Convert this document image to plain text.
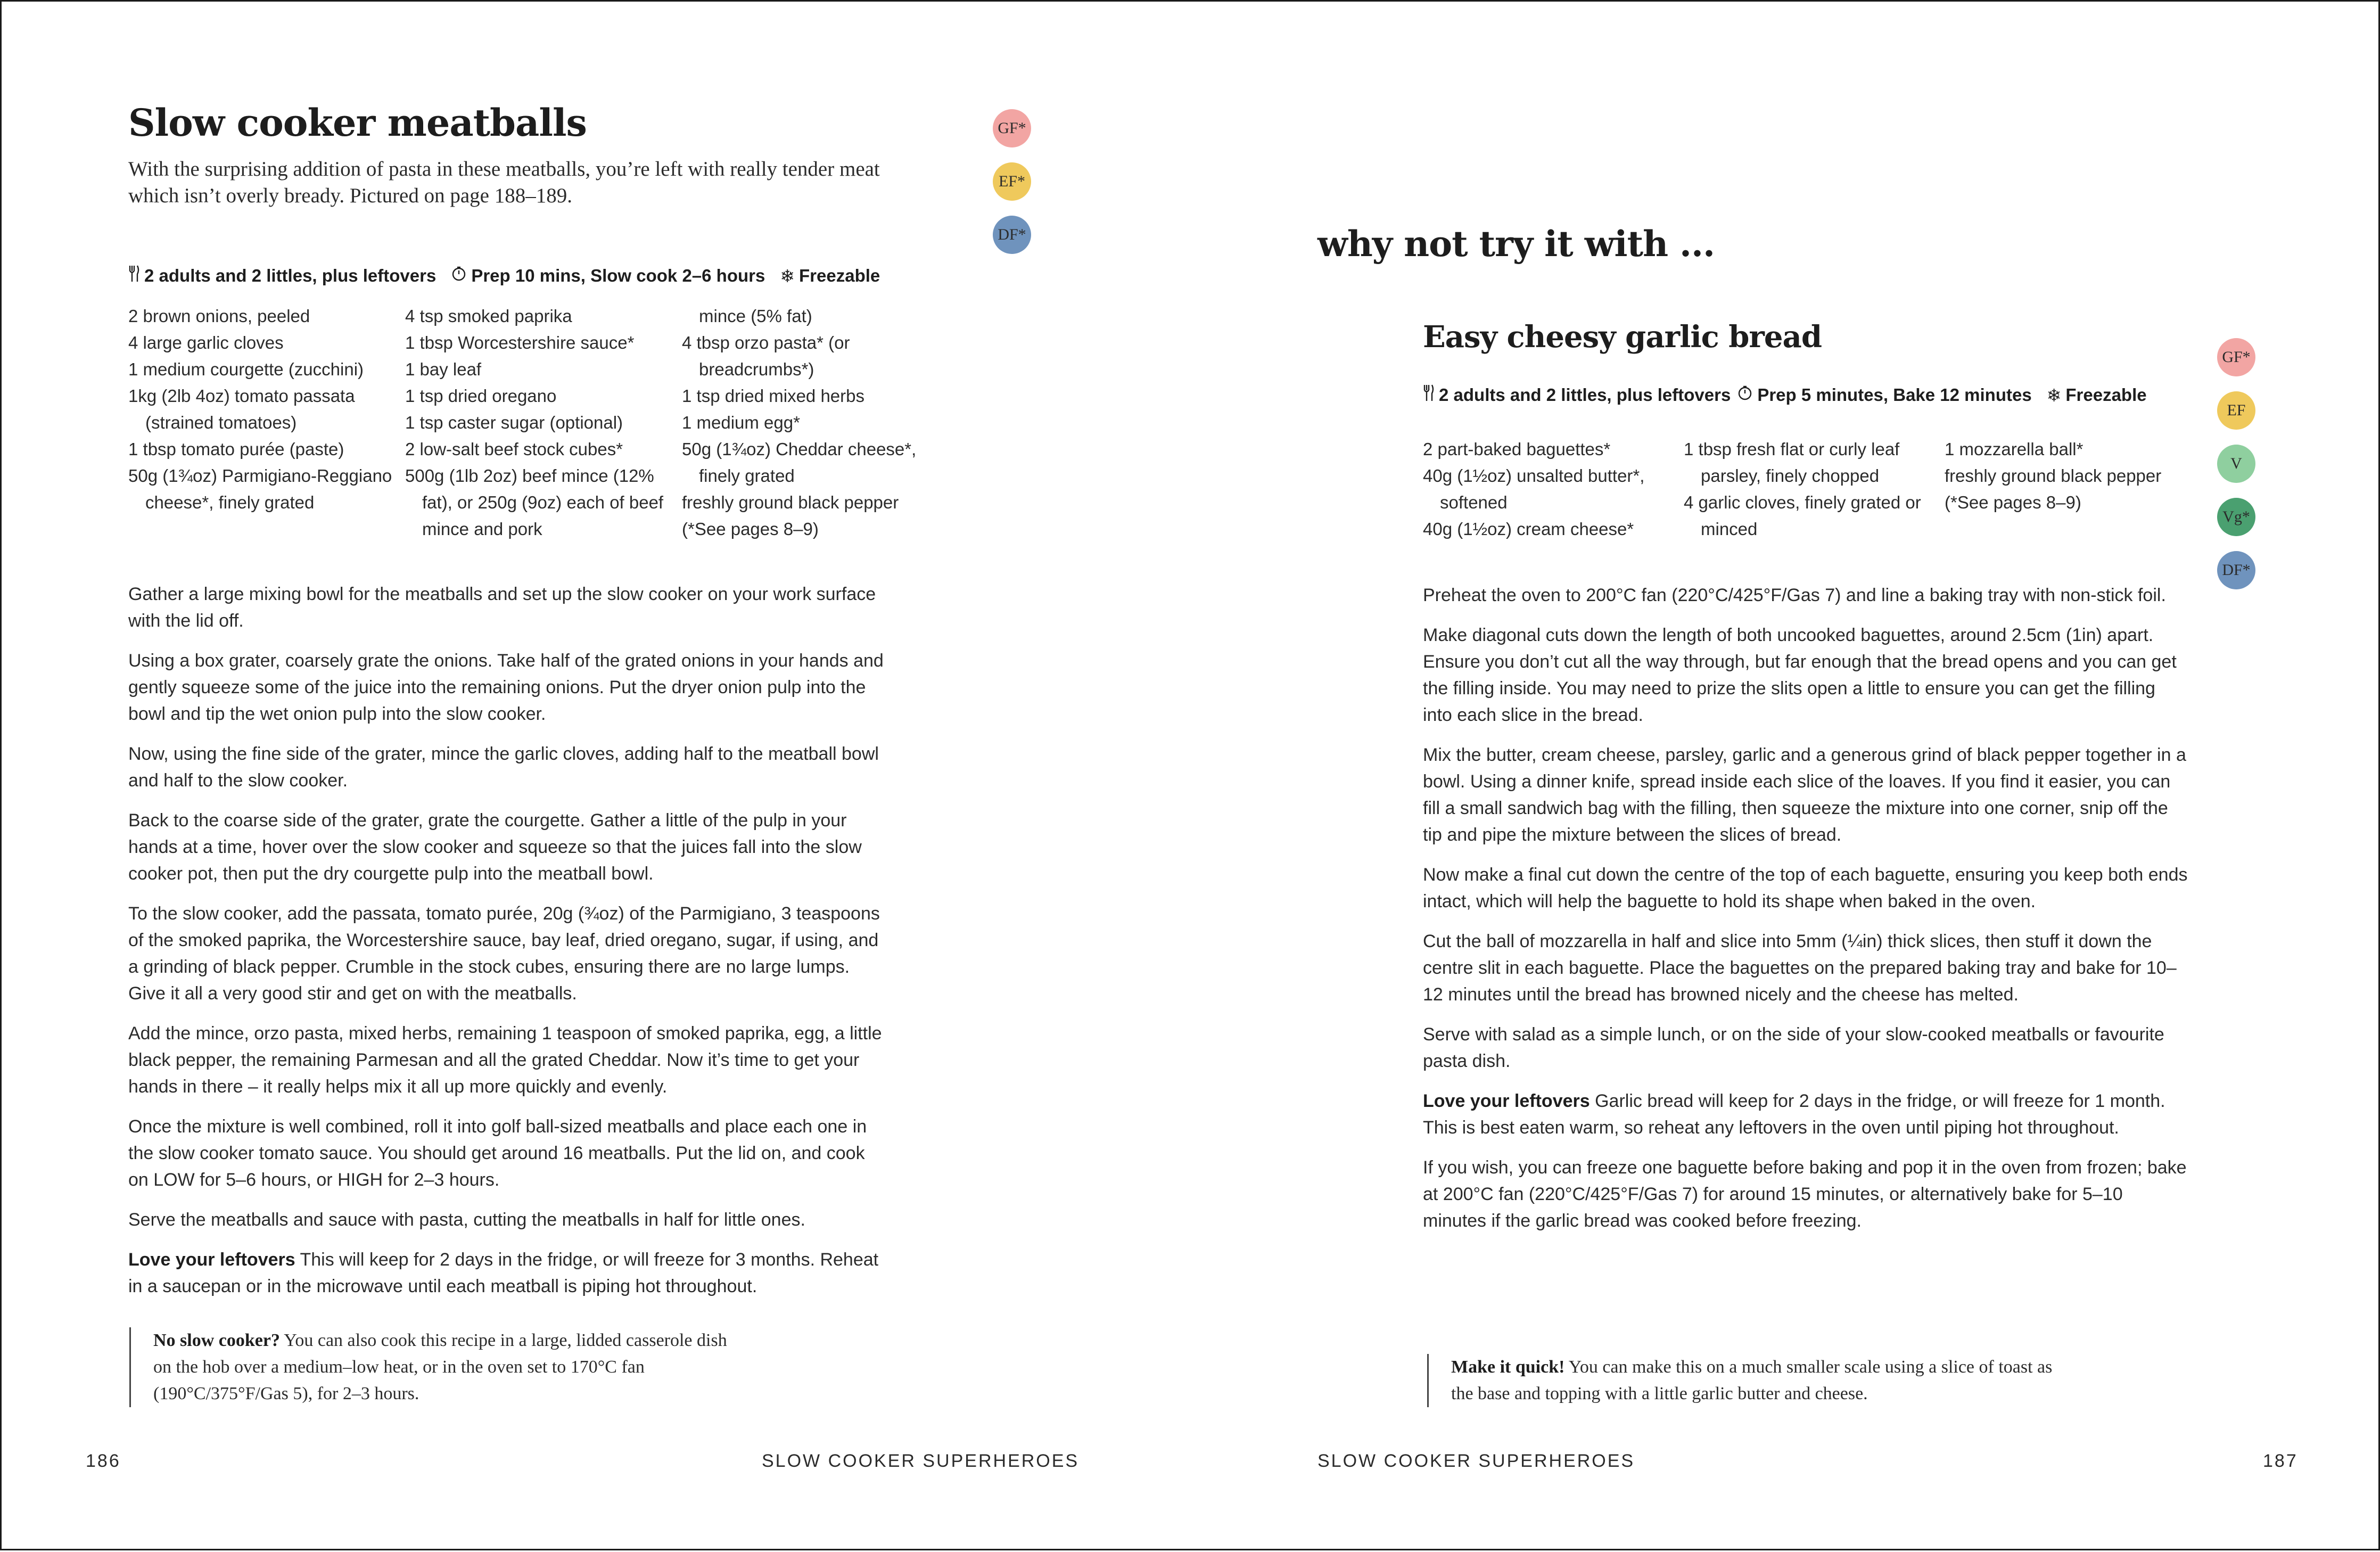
Slow cooker meatballs

With the surprising addition of pasta in these meatballs, you’re left with really tender meat which isn’t overly bready. Pictured on page 188–189.

GF*
EF*
DF*
2 adults and 2 littles, plus leftovers Prep 10 mins, Slow cook 2–6 hours ❄ Freezable
2 brown onions, peeled
4 large garlic cloves
1 medium courgette (zucchini)
1kg (2lb 4oz) tomato passata (strained tomatoes)
1 tbsp tomato purée (paste)
50g (1¾oz) Parmigiano-Reggiano cheese*, finely grated
4 tsp smoked paprika
1 tbsp Worcestershire sauce*
1 bay leaf
1 tsp dried oregano
1 tsp caster sugar (optional)
2 low-salt beef stock cubes*
500g (1lb 2oz) beef mince (12% fat), or 250g (9oz) each of beef mince and pork
mince (5% fat)
4 tbsp orzo pasta* (or breadcrumbs*)
1 tsp dried mixed herbs
1 medium egg*
50g (1¾oz) Cheddar cheese*, finely grated
freshly ground black pepper
(*See pages 8–9)

Gather a large mixing bowl for the meatballs and set up the slow cooker on your work surface with the lid off.

Using a box grater, coarsely grate the onions. Take half of the grated onions in your hands and gently squeeze some of the juice into the remaining onions. Put the dryer onion pulp into the bowl and tip the wet onion pulp into the slow cooker.

Now, using the fine side of the grater, mince the garlic cloves, adding half to the meatball bowl and half to the slow cooker.

Back to the coarse side of the grater, grate the courgette. Gather a little of the pulp in your hands at a time, hover over the slow cooker and squeeze so that the juices fall into the slow cooker pot, then put the dry courgette pulp into the meatball bowl.

To the slow cooker, add the passata, tomato purée, 20g (¾oz) of the Parmigiano, 3 teaspoons of the smoked paprika, the Worcestershire sauce, bay leaf, dried oregano, sugar, if using, and a grinding of black pepper. Crumble in the stock cubes, ensuring there are no large lumps. Give it all a very good stir and get on with the meatballs.

Add the mince, orzo pasta, mixed herbs, remaining 1 teaspoon of smoked paprika, egg, a little black pepper, the remaining Parmesan and all the grated Cheddar. Now it’s time to get your hands in there – it really helps mix it all up more quickly and evenly.

Once the mixture is well combined, roll it into golf ball-sized meatballs and place each one in the slow cooker tomato sauce. You should get around 16 meatballs. Put the lid on, and cook on LOW for 5–6 hours, or HIGH for 2–3 hours.

Serve the meatballs and sauce with pasta, cutting the meatballs in half for little ones.

Love your leftovers This will keep for 2 days in the fridge, or will freeze for 3 months. Reheat in a saucepan or in the microwave until each meatball is piping hot throughout.

No slow cooker? You can also cook this recipe in a large, lidded casserole dish on the hob over a medium–low heat, or in the oven set to 170°C fan (190°C/375°F/Gas 5), for 2–3 hours.
186	SLOW COOKER SUPERHEROES
why not try it with ...
Easy cheesy garlic bread
GF*
EF
V
Vg*
DF*
2 adults and 2 littles, plus leftovers Prep 5 minutes, Bake 12 minutes ❄ Freezable
2 part-baked baguettes*
40g (1½oz) unsalted butter*, softened
40g (1½oz) cream cheese*
1 tbsp fresh flat or curly leaf parsley, finely chopped
4 garlic cloves, finely grated or minced
1 mozzarella ball*
freshly ground black pepper
(*See pages 8–9)

Preheat the oven to 200°C fan (220°C/425°F/Gas 7) and line a baking tray with non-stick foil.

Make diagonal cuts down the length of both uncooked baguettes, around 2.5cm (1in) apart. Ensure you don’t cut all the way through, but far enough that the bread opens and you can get the filling inside. You may need to prize the slits open a little to ensure you can get the filling into each slice in the bread.

Mix the butter, cream cheese, parsley, garlic and a generous grind of black pepper together in a bowl. Using a dinner knife, spread inside each slice of the loaves. If you find it easier, you can fill a small sandwich bag with the filling, then squeeze the mixture into one corner, snip off the tip and pipe the mixture between the slices of bread.

Now make a final cut down the centre of the top of each baguette, ensuring you keep both ends intact, which will help the baguette to hold its shape when baked in the oven.

Cut the ball of mozzarella in half and slice into 5mm (¼in) thick slices, then stuff it down the centre slit in each baguette. Place the baguettes on the prepared baking tray and bake for 10–12 minutes until the bread has browned nicely and the cheese has melted.

Serve with salad as a simple lunch, or on the side of your slow-cooked meatballs or favourite pasta dish.

Love your leftovers Garlic bread will keep for 2 days in the fridge, or will freeze for 1 month. This is best eaten warm, so reheat any leftovers in the oven until piping hot throughout.

If you wish, you can freeze one baguette before baking and pop it in the oven from frozen; bake at 200°C fan (220°C/425°F/Gas 7) for around 15 minutes, or alternatively bake for 5–10 minutes if the garlic bread was cooked before freezing.

Make it quick! You can make this on a much smaller scale using a slice of toast as the base and topping with a little garlic butter and cheese.
SLOW COOKER SUPERHEROES	187
